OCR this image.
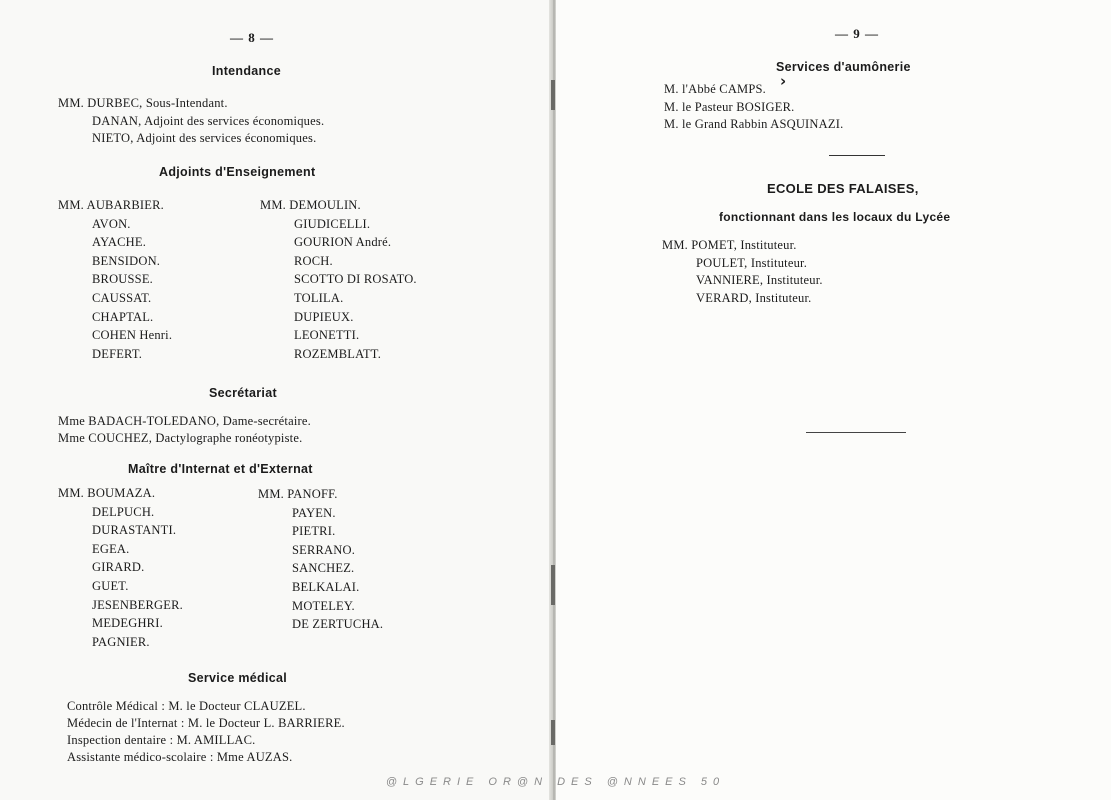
— 8 —
Intendance
MM. DURBEC, Sous-Intendant.
DANAN, Adjoint des services économiques.
NIETO, Adjoint des services économiques.
Adjoints d'Enseignement
MM. AUBARBIER.
AVON.
AYACHE.
BENSIDON.
BROUSSE.
CAUSSAT.
CHAPTAL.
COHEN Henri.
DEFERT.
MM. DEMOULIN.
GIUDICELLI.
GOURION André.
ROCH.
SCOTTO DI ROSATO.
TOLILA.
DUPIEUX.
LEONETTI.
ROZEMBLATT.
Secrétariat
Mme BADACH-TOLEDANO, Dame-secrétaire.
Mme COUCHEZ, Dactylographe ronéotypiste.
Maître d'Internat et d'Externat
MM. BOUMAZA.
DELPUCH.
DURASTANTI.
EGEA.
GIRARD.
GUET.
JESENBERGER.
MEDEGHRI.
PAGNIER.
MM. PANOFF.
PAYEN.
PIETRI.
SERRANO.
SANCHEZ.
BELKALAI.
MOTELEY.
DE ZERTUCHA.
Service médical
Contrôle Médical : M. le Docteur CLAUZEL.
Médecin de l'Internat : M. le Docteur L. BARRIERE.
Inspection dentaire : M. AMILLAC.
Assistante médico-scolaire : Mme AUZAS.
— 9 —
Services d'aumônerie
›
M. l'Abbé CAMPS.
M. le Pasteur BOSIGER.
M. le Grand Rabbin ASQUINAZI.
ECOLE DES FALAISES,
fonctionnant dans les locaux du Lycée
MM. POMET, Instituteur.
POULET, Instituteur.
VANNIERE, Instituteur.
VERARD, Instituteur.
@LGERIE OR@N DES @NNEES 50
